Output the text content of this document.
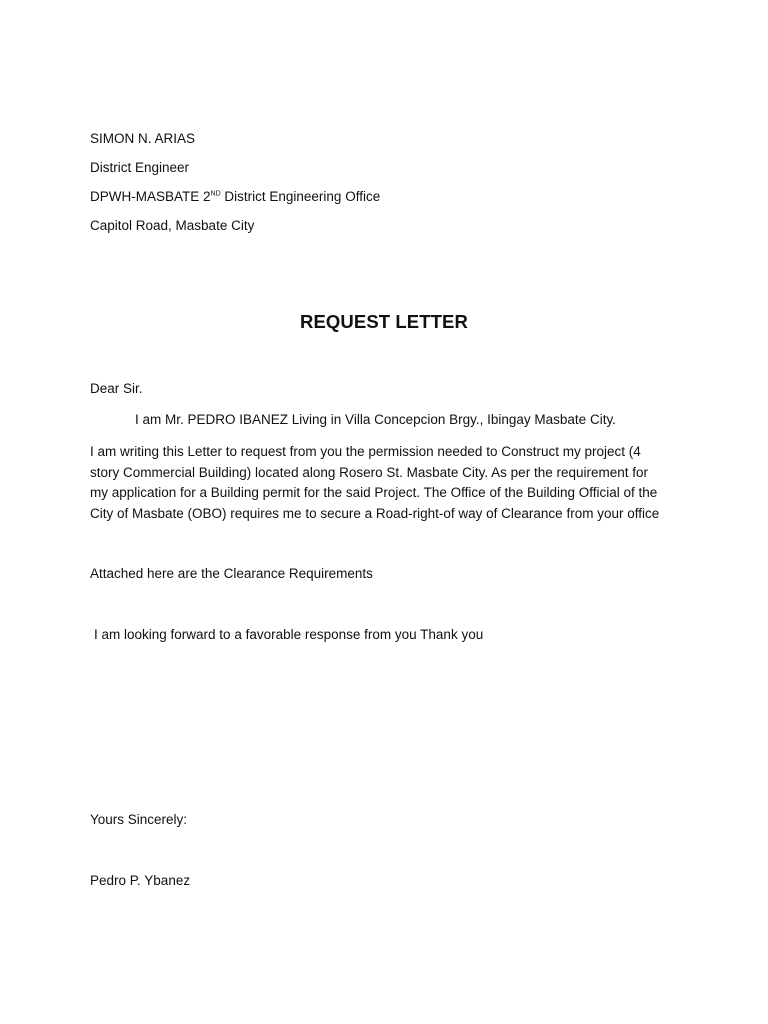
SIMON N. ARIAS
District Engineer
DPWH-MASBATE 2ND District Engineering Office
Capitol Road, Masbate City
REQUEST LETTER
Dear Sir.
I am Mr. PEDRO IBANEZ Living in Villa Concepcion Brgy., Ibingay Masbate City.
I am writing this Letter to request from you the permission needed to Construct my project (4
story Commercial Building) located along Rosero St. Masbate City. As per the requirement for
my application for a Building permit for the said Project. The Office of the Building Official of the
City of Masbate (OBO) requires me to secure a Road-right-of way of Clearance from your office
Attached here are the Clearance Requirements
I am looking forward to a favorable response from you Thank you
Yours Sincerely:
Pedro P. Ybanez
